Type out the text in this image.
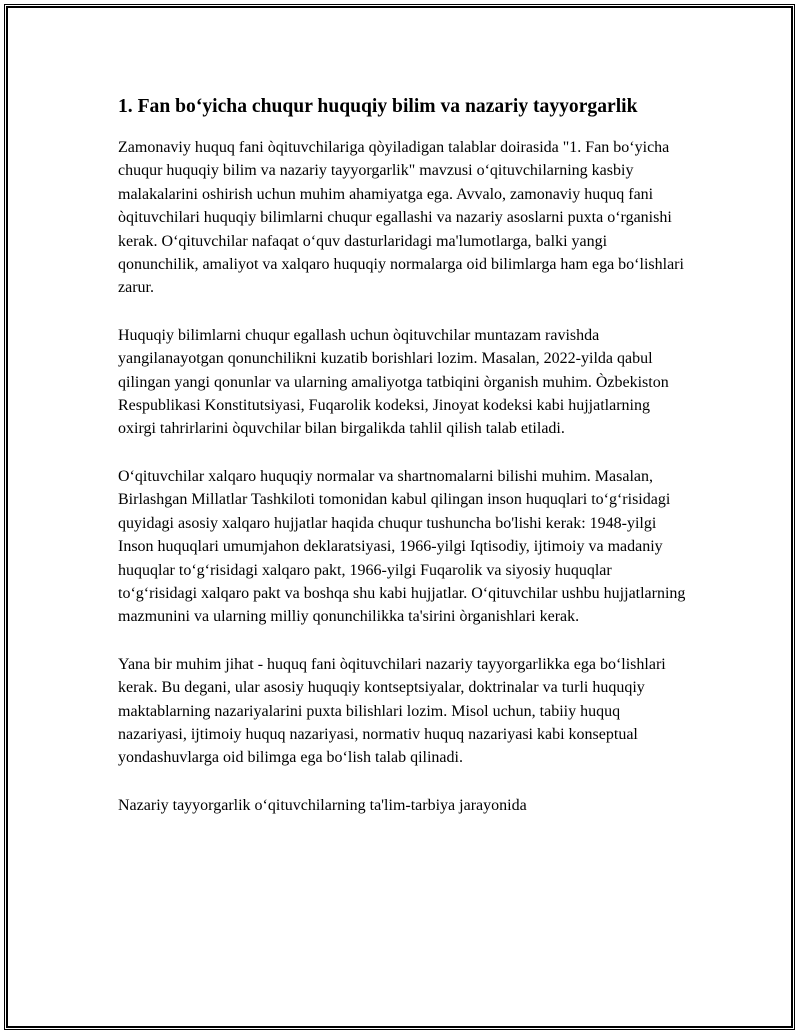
1. Fan bo‘yicha chuqur huquqiy bilim va nazariy tayyorgarlik

Zamonaviy huquq fani òqituvchilariga qòyiladigan talablar doirasida "1. Fan bo‘yicha chuqur huquqiy bilim va nazariy tayyorgarlik" mavzusi o‘qituvchilarning kasbiy malakalarini oshirish uchun muhim ahamiyatga ega. Avvalo, zamonaviy huquq fani òqituvchilari huquqiy bilimlarni chuqur egallashi va nazariy asoslarni puxta o‘rganishi kerak. O‘qituvchilar nafaqat o‘quv dasturlaridagi ma'lumotlarga, balki yangi qonunchilik, amaliyot va xalqaro huquqiy normalarga oid bilimlarga ham ega bo‘lishlari zarur.

Huquqiy bilimlarni chuqur egallash uchun òqituvchilar muntazam ravishda yangilanayotgan qonunchilikni kuzatib borishlari lozim. Masalan, 2022-yilda qabul qilingan yangi qonunlar va ularning amaliyotga tatbiqini òrganish muhim. Òzbekiston Respublikasi Konstitutsiyasi, Fuqarolik kodeksi, Jinoyat kodeksi kabi hujjatlarning oxirgi tahrirlarini òquvchilar bilan birgalikda tahlil qilish talab etiladi.

O‘qituvchilar xalqaro huquqiy normalar va shartnomalarni bilishi muhim. Masalan, Birlashgan Millatlar Tashkiloti tomonidan kabul qilingan inson huquqlari to‘g‘risidagi quyidagi asosiy xalqaro hujjatlar haqida chuqur tushuncha bo'lishi kerak: 1948-yilgi Inson huquqlari umumjahon deklaratsiyasi, 1966-yilgi Iqtisodiy, ijtimoiy va madaniy huquqlar to‘g‘risidagi xalqaro pakt, 1966-yilgi Fuqarolik va siyosiy huquqlar to‘g‘risidagi xalqaro pakt va boshqa shu kabi hujjatlar. O‘qituvchilar ushbu hujjatlarning mazmunini va ularning milliy qonunchilikka ta'sirini òrganishlari kerak.

Yana bir muhim jihat - huquq fani òqituvchilari nazariy tayyorgarlikka ega bo‘lishlari kerak. Bu degani, ular asosiy huquqiy kontseptsiyalar, doktrinalar va turli huquqiy maktablarning nazariyalarini puxta bilishlari lozim. Misol uchun, tabiiy huquq nazariyasi, ijtimoiy huquq nazariyasi, normativ huquq nazariyasi kabi konseptual yondashuvlarga oid bilimga ega bo‘lish talab qilinadi.

Nazariy tayyorgarlik o‘qituvchilarning ta'lim-tarbiya jarayonida
